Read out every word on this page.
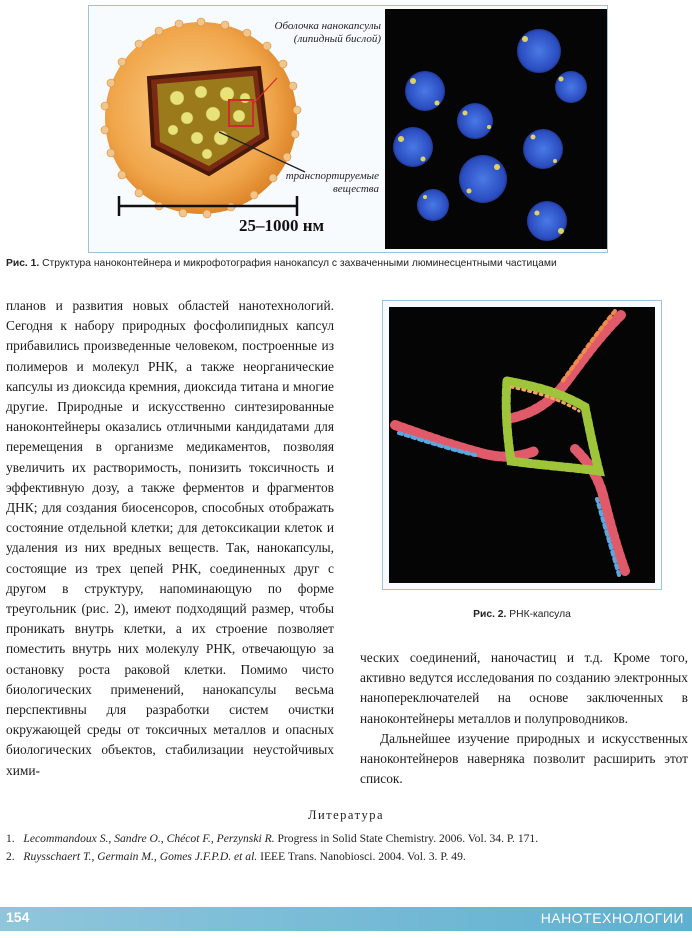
Оболочка нанокапсулы
(липидный бислой)
транспортируемые
вещества
25–1000 нм
Рис. 1. Структура наноконтейнера и микрофотография нанокапсул с захваченными люминесцентными частицами

планов и развития новых областей нанотехнологий. Сегодня к набору природных фосфолипидных капсул прибавились произведенные человеком, построенные из полимеров и молекул РНК, а также неорганические капсулы из диоксида кремния, диоксида титана и многие другие. Природные и искусственно синтезированные наноконтейнеры оказались отличными кандидатами для перемещения в организме медикаментов, позволяя увеличить их растворимость, понизить токсичность и эффективную дозу, а также ферментов и фрагментов ДНК; для создания биосенсоров, способных отображать состояние отдельной клетки; для детоксикации клеток и удаления из них вредных веществ. Так, нанокапсулы, состоящие из трех цепей РНК, соединенных друг с другом в структуру, напоминающую по форме треугольник (рис. 2), имеют подходящий размер, чтобы проникать внутрь клетки, а их строение позволяет поместить внутрь них молекулу РНК, отвечающую за остановку роста раковой клетки. Помимо чисто биологических применений, нанокапсулы весьма перспективны для разработки систем очистки окружающей среды от токсичных металлов и опасных биологических объектов, стабилизации неустойчивых хими-

Рис. 2. РНК-капсула

ческих соединений, наночастиц и т.д. Кроме того, активно ведутся исследования по созданию электронных нанопереключателей на основе заключенных в наноконтейнеры металлов и полупроводников.

Дальнейшее изучение природных и искусственных наноконтейнеров наверняка позволит расширить этот список.

Литература
1. Lecommandoux S., Sandre O., Chécot F., Perzynski R. Progress in Solid State Chemistry. 2006. Vol. 34. P. 171.
2. Ruysschaert T., Germain M., Gomes J.F.P.D. et al. IEEE Trans. Nanobiosci. 2004. Vol. 3. P. 49.
154	НАНОТЕХНОЛОГИИ
